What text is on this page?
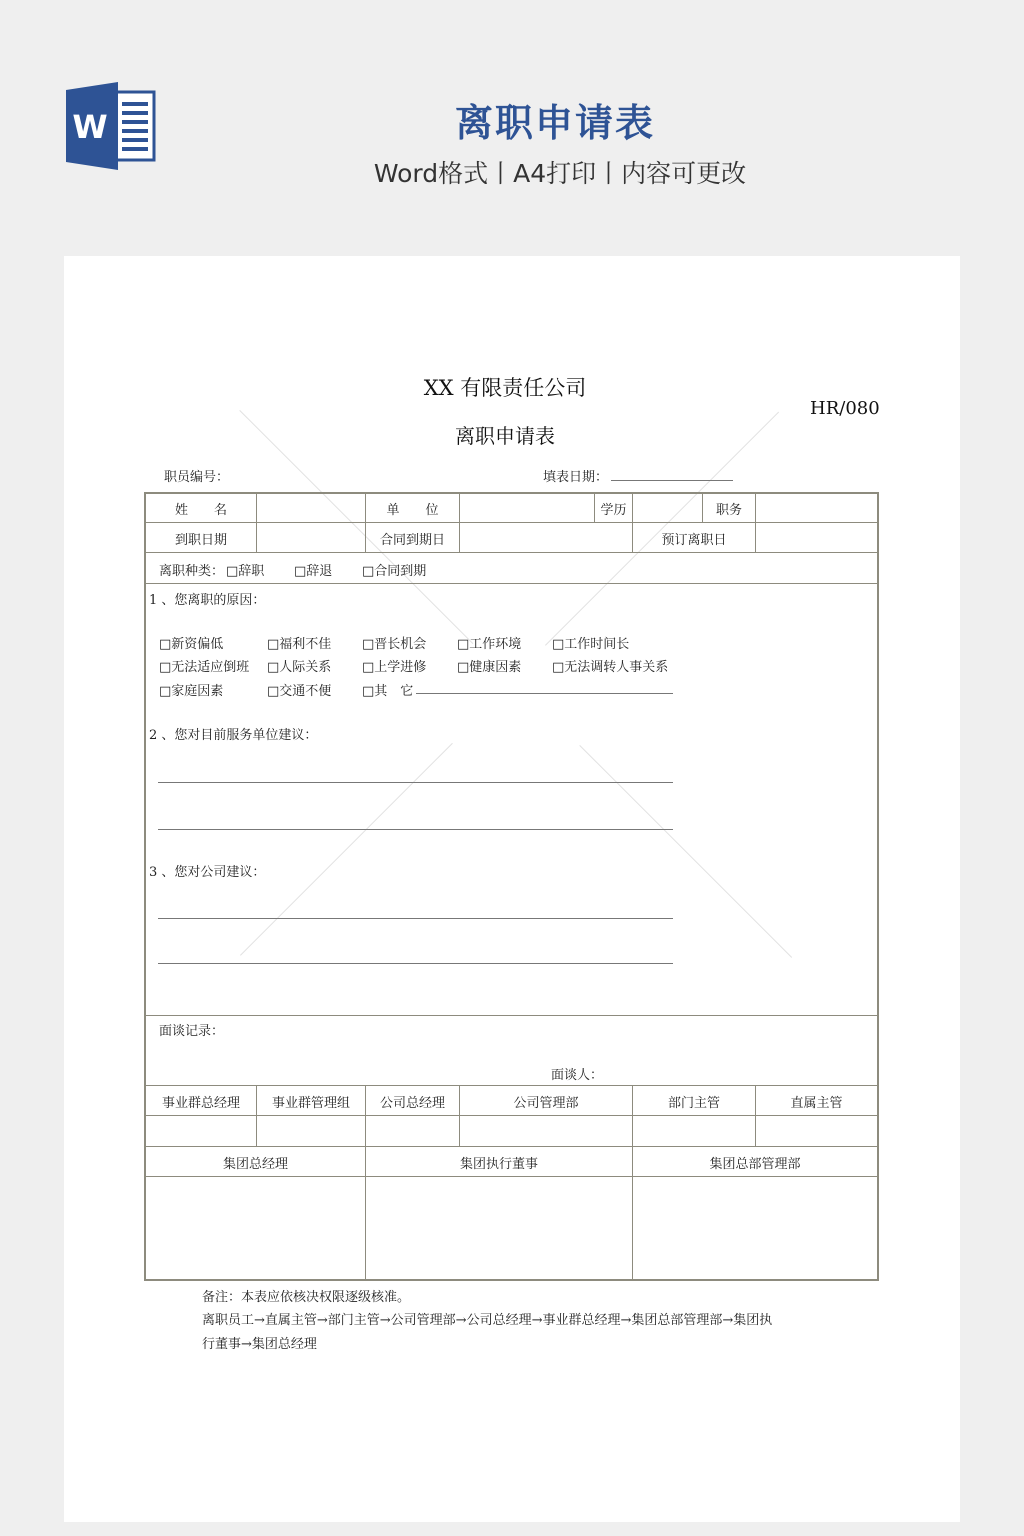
W	离职申请表
Word格式丨A4打印丨内容可更改
XX 有限责任公司
离职申请表
HR/080
职员编号：	填表日期：
姓　　名	单　　位	学历	职务
到职日期	合同到期日	预订离职日
离职种类： □辞职 □辞退 □合同到期
1 、您离职的原因：
□新资偏低	□福利不佳 □晋长机会 □工作环境 □工作时间长
□无法适应倒班 □人际关系 □上学进修 □健康因素 □无法调转人事关系
□家庭因素	□交通不便 □其　它
2 、您对目前服务单位建议：
3 、您对公司建议：
面谈记录：
面谈人：
事业群总经理	事业群管理组	公司总经理	公司管理部	部门主管	直属主管
集团总经理	集团执行董事	集团总部管理部
备注：本表应依核决权限逐级核准。
离职员工→直属主管→部门主管→公司管理部→公司总经理→事业群总经理→集团总部管理部→集团执
行董事→集团总经理
